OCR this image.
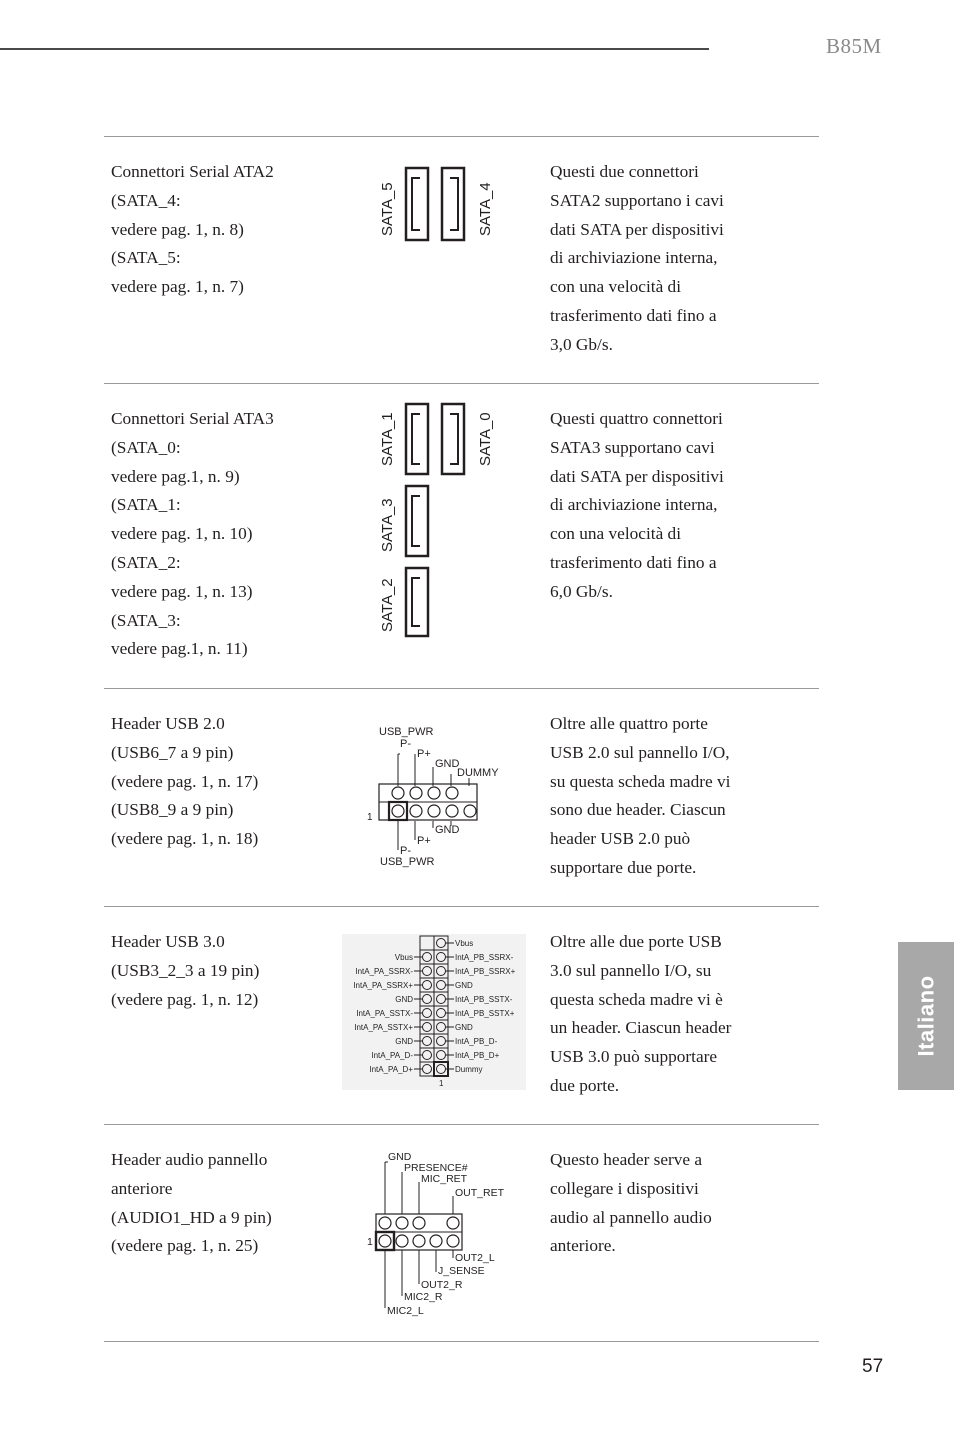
B85M
Connettori Serial ATA2
(SATA_4:
vedere pag. 1, n. 8)
(SATA_5:
vedere pag. 1, n. 7)
SATA_5	SATA_4
Questi due connettori
SATA2 supportano i cavi
dati SATA per dispositivi
di archiviazione interna,
con una velocità di
trasferimento dati fino a
3,0 Gb/s.
Connettori Serial ATA3
(SATA_0:
vedere pag.1, n. 9)
(SATA_1:
vedere pag. 1, n. 10)
(SATA_2:
vedere pag. 1, n. 13)
(SATA_3:
vedere pag.1, n. 11)
SATA_1	SATA_0
SATA_3
SATA_2
Questi quattro connettori
SATA3 supportano cavi
dati SATA per dispositivi
di archiviazione interna,
con una velocità di
trasferimento dati fino a
6,0 Gb/s.
Header USB 2.0
(USB6_7 a 9 pin)
(vedere pag. 1, n. 17)
(USB8_9 a 9 pin)
(vedere pag. 1, n. 18)
USB_PWR
P-
P+
GND
DUMMY
1
GND
P+
P-
USB_PWR
Oltre alle quattro porte
USB 2.0 sul pannello I/O,
su questa scheda madre vi
sono due header. Ciascun
header USB 2.0 può
supportare due porte.
Header USB 3.0
(USB3_2_3 a 19 pin)
(vedere pag. 1, n. 12)
Vbus
IntA_PA_SSRX-
IntA_PA_SSRX+
GND
IntA_PA_SSTX-
IntA_PA_SSTX+
GND
IntA_PA_D-
IntA_PA_D+
Vbus
IntA_PB_SSRX-
IntA_PB_SSRX+
GND
IntA_PB_SSTX-
IntA_PB_SSTX+
GND
IntA_PB_D-
IntA_PB_D+
Dummy
1
Oltre alle due porte USB
3.0 sul pannello I/O, su
questa scheda madre vi è
un header. Ciascun header
USB 3.0 può supportare
due porte.
Header audio pannello
anteriore
(AUDIO1_HD a 9 pin)
(vedere pag. 1, n. 25)
GND
PRESENCE#
MIC_RET
OUT_RET
1
OUT2_L
J_SENSE
OUT2_R
MIC2_R
MIC2_L
Questo header serve a
collegare i dispositivi
audio al pannello audio
anteriore.
Italiano
57
